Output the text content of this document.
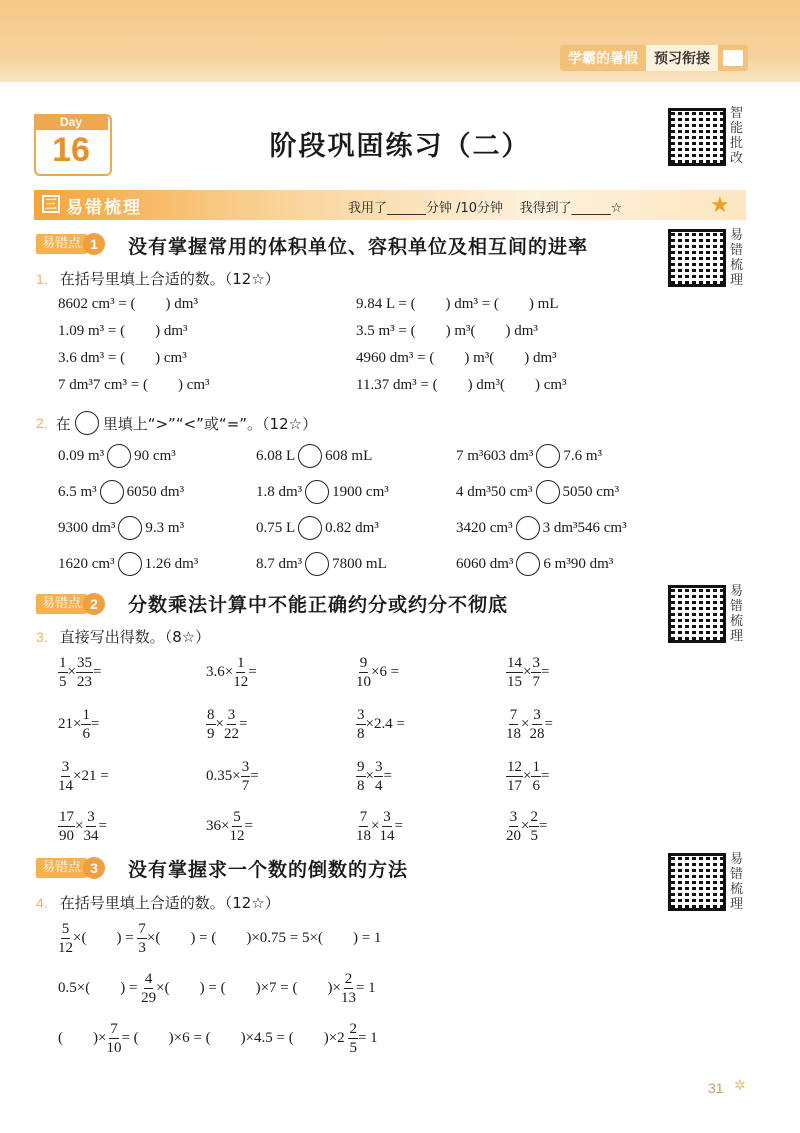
学霸的暑假	预习衔接
Day
16	阶段巩固练习（二）
智能批改
三 易错梳理	我用了______分钟 /10分钟    我得到了______☆	★
易错点 1	没有掌握常用的体积单位、容积单位及相互间的进率
易错梳理
1. 在括号里填上合适的数。（12☆）
8602 cm³ = (        ) dm³	9.84 L = (        ) dm³ = (        ) mL
1.09 m³ = (        ) dm³	3.5 m³ = (        ) m³(        ) dm³
3.6 dm³ = (        ) cm³	4960 dm³ = (        ) m³(        ) dm³
7 dm³7 cm³ = (        ) cm³	11.37 dm³ = (        ) dm³(        ) cm³
2. 在 里填上“>”“<”或“=”。（12☆）
0.09 m³ 90 cm³	6.08 L 608 mL	7 m³603 dm³ 7.6 m³
6.5 m³ 6050 dm³	1.8 dm³ 1900 cm³	4 dm³50 cm³ 5050 cm³
9300 dm³ 9.3 m³	0.75 L 0.82 dm³	3420 cm³ 3 dm³546 cm³
1620 cm³ 1.26 dm³	8.7 dm³ 7800 mL	6060 dm³ 6 m³90 dm³
易错点 2	分数乘法计算中不能正确约分或约分不彻底
易错梳理
3. 直接写出得数。（8☆）
$\frac{1}{5} \times \frac{35}{23}$ =	$3.6\times \frac{1}{12}$ =	$\frac{9}{10} \times 6$ =	$\frac{14}{15} \times \frac{3}{7}$ =
$21\times \frac{1}{6}$ =	$\frac{8}{9} \times \frac{3}{22}$ =	$\frac{3}{8} \times 2.4$ =	$\frac{7}{18} \times \frac{3}{28}$ =
$\frac{3}{14} \times 21$ =	$0.35\times \frac{3}{7}$ =	$\frac{9}{8} \times \frac{3}{4}$ =	$\frac{12}{17} \times \frac{1}{6}$ =
$\frac{17}{90} \times \frac{3}{34}$ =	$36\times \frac{5}{12}$ =	$\frac{7}{18} \times \frac{3}{14}$ =	$\frac{3}{20} \times \frac{2}{5}$ =
易错点 3	没有掌握求一个数的倒数的方法	易错梳理
4. 在括号里填上合适的数。（12☆）
$\frac{5}{12}$ ×(        ) = $\frac{7}{3}$ ×(        ) = (        )×0.75 = 5×(        ) = 1
0.5×(        ) = $\frac{4}{29}$ ×(        ) = (        )×7 = (        )× $\frac{2}{13} = 1$
(        )× $\frac{7}{10}$ = (        )×6 = (        )×4.5 = (        )$\times 2 \frac{2}{5} = 1$
31 ✲
